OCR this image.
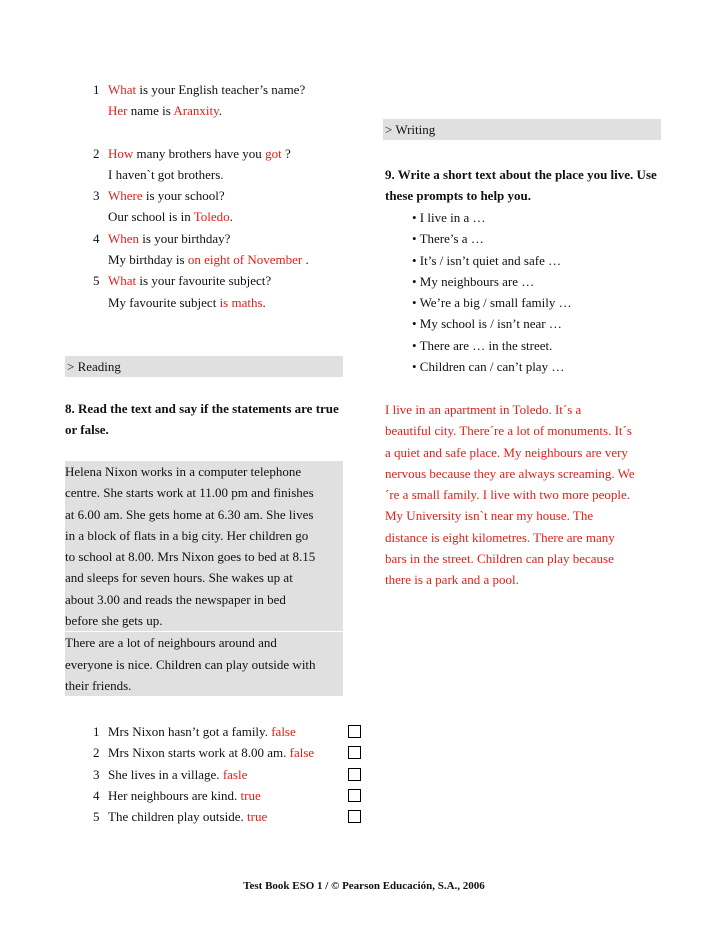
1 What is your English teacher’s name?
Her name is Aranxity.
2 How many brothers have you got ?
I haven`t got brothers.
3 Where is your school?
Our school is in Toledo.
4 When is your birthday?
My birthday is on eight of November .
5 What is your favourite subject?
My favourite subject is maths.
> Reading
8. Read the text and say if the statements are true or false.
Helena Nixon works in a computer telephone
centre. She starts work at 11.00 pm and finishes
at 6.00 am. She gets home at 6.30 am. She lives
in a block of flats in a big city. Her children go
to school at 8.00. Mrs Nixon goes to bed at 8.15
and sleeps for seven hours. She wakes up at
about 3.00 and reads the newspaper in bed
before she gets up.
There are a lot of neighbours around and
everyone is nice. Children can play outside with
their friends.
1 Mrs Nixon hasn’t got a family. false
2 Mrs Nixon starts work at 8.00 am. false
3 She lives in a village. fasle
4 Her neighbours are kind. true
5 The children play outside. true
> Writing
9. Write a short text about the place you live. Use these prompts to help you.
• I live in a …
• There’s a …
• It’s / isn’t quiet and safe …
• My neighbours are …
• We’re a big / small family …
• My school is / isn’t near …
• There are … in the street.
• Children can / can’t play …
I live in an apartment in Toledo. It´s a
beautiful city. There´re a lot of monuments. It´s
a quiet and safe place. My neighbours are very
nervous because they are always screaming. We
´re a small family. I live with two more people.
My University isn`t near my house. The
distance is eight kilometres. There are many
bars in the street. Children can play because
there is a park and a pool.
Test Book ESO 1 / © Pearson Educación, S.A., 2006
